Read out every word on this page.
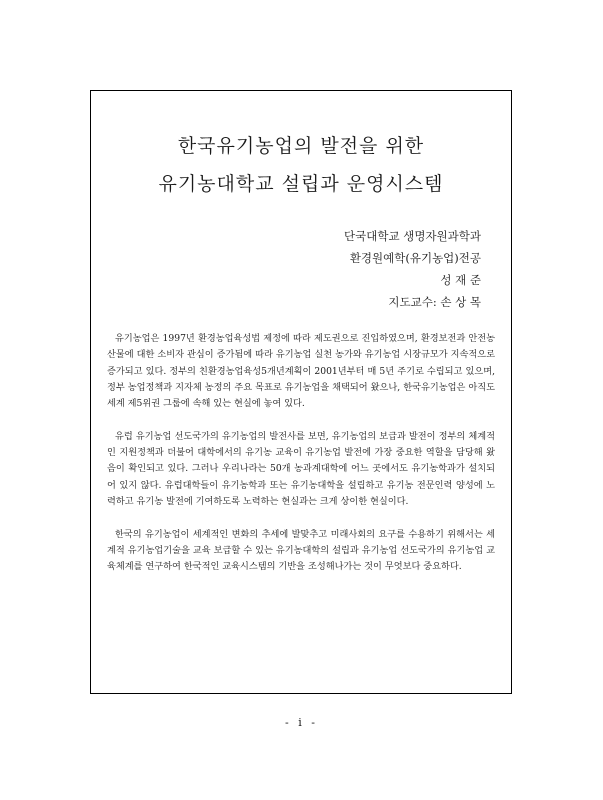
한국유기농업의 발전을 위한
유기농대학교 설립과 운영시스템
단국대학교 생명자원과학과
환경원예학(유기농업)전공
성 재 준
지도교수: 손 상 목

유기농업은 1997년 환경농업육성법 제정에 따라 제도권으로 진입하였으며, 환경보전과 안전농산물에 대한 소비자 관심이 증가됨에 따라 유기농업 실천 농가와 유기농업 시장규모가 지속적으로 증가되고 있다. 정부의 친환경농업육성5개년계획이 2001년부터 매 5년 주기로 수립되고 있으며, 정부 농업정책과 지자체 농정의 주요 목표로 유기농업을 채택되어 왔으나, 한국유기농업은 아직도 세계 제5위권 그룹에 속해 있는 현실에 놓여 있다.

유럽 유기농업 선도국가의 유기농업의 발전사를 보면, 유기농업의 보급과 발전이 정부의 체계적인 지원정책과 더불어 대학에서의 유기농 교육이 유기농업 발전에 가장 중요한 역할을 담당해 왔음이 확인되고 있다. 그러나 우리나라는 50개 농과계대학에 어느 곳에서도 유기농학과가 설치되어 있지 않다. 유럽대학들이 유기농학과 또는 유기농대학을 설립하고 유기농 전문인력 양성에 노력하고 유기농 발전에 기여하도록 노력하는 현실과는 크게 상이한 현실이다.

한국의 유기농업이 세계적인 변화의 추세에 발맞추고 미래사회의 요구를 수용하기 위해서는 세계적 유기농업기술을 교육 보급할 수 있는 유기농대학의 설립과 유기농업 선도국가의 유기농업 교육체계를 연구하여 한국적인 교육시스템의 기반을 조성해나가는 것이 무엇보다 중요하다.

- i -
